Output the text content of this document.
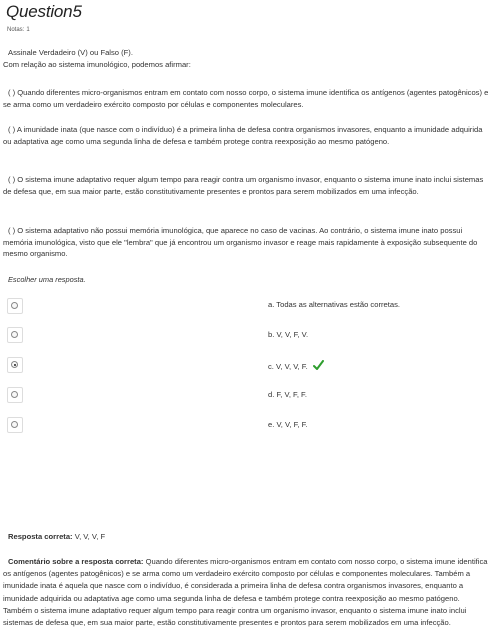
Question5
Notas: 1
Assinale Verdadeiro (V) ou Falso (F).
Com relação ao sistema imunológico, podemos afirmar:
( ) Quando diferentes micro-organismos entram em contato com nosso corpo, o sistema imune identifica os antígenos (agentes patogênicos) e se arma como um verdadeiro exército composto por células e componentes moleculares.
( ) A imunidade inata (que nasce com o indivíduo) é a primeira linha de defesa contra organismos invasores, enquanto a imunidade adquirida ou adaptativa age como uma segunda linha de defesa e também protege contra reexposição ao mesmo patógeno.
( ) O sistema imune adaptativo requer algum tempo para reagir contra um organismo invasor, enquanto o sistema imune inato inclui sistemas de defesa que, em sua maior parte, estão constitutivamente presentes e prontos para serem mobilizados em uma infecção.
( ) O sistema adaptativo não possui memória imunológica, que aparece no caso de vacinas. Ao contrário, o sistema imune inato possui memória imunológica, visto que ele "lembra" que já encontrou um organismo invasor e reage mais rapidamente à exposição subsequente do mesmo organismo.
Escolher uma resposta.
a. Todas as alternativas estão corretas.
b. V, V, F, V.
c. V, V, V, F.
d. F, V, F, F.
e. V, V, F, F.
Resposta correta: V, V, V, F
Comentário sobre a resposta correta: Quando diferentes micro-organismos entram em contato com nosso corpo, o sistema imune identifica os antígenos (agentes patogênicos) e se arma como um verdadeiro exército composto por células e componentes moleculares. Também a imunidade inata é aquela que nasce com o indivíduo, é considerada a primeira linha de defesa contra organismos invasores, enquanto a imunidade adquirida ou adaptativa age como uma segunda linha de defesa e também protege contra reexposição ao mesmo patógeno. Também o sistema imune adaptativo requer algum tempo para reagir contra um organismo invasor, enquanto o sistema imune inato inclui sistemas de defesa que, em sua maior parte, estão constitutivamente presentes e prontos para serem mobilizados em uma infecção.
